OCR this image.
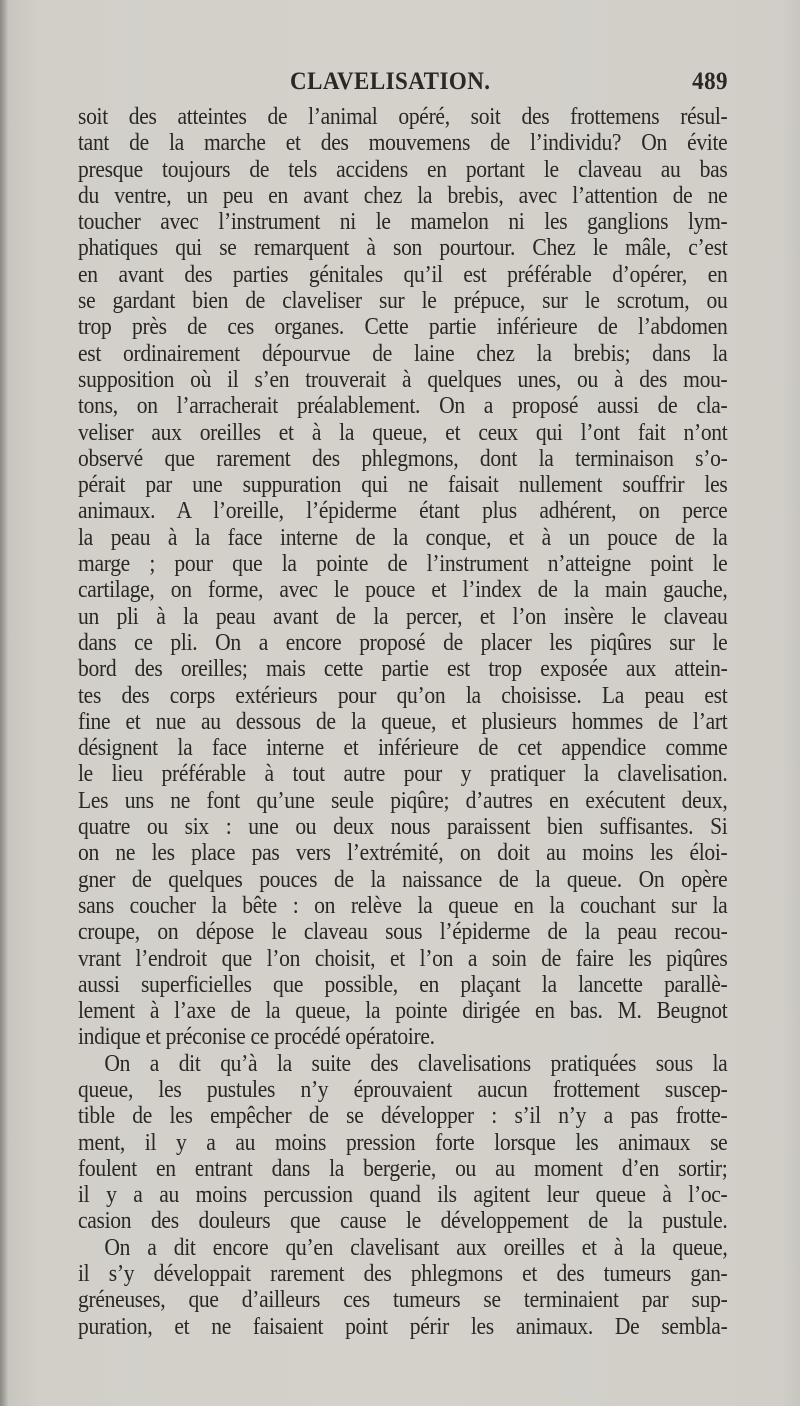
CLAVELISATION.	489
soit des atteintes de l’animal opéré, soit des frottemens résul-
tant de la marche et des mouvemens de l’individu? On évite
presque toujours de tels accidens en portant le claveau au bas
du ventre, un peu en avant chez la brebis, avec l’attention de ne
toucher avec l’instrument ni le mamelon ni les ganglions lym-
phatiques qui se remarquent à son pourtour. Chez le mâle, c’est
en avant des parties génitales qu’il est préférable d’opérer, en
se gardant bien de claveliser sur le prépuce, sur le scrotum, ou
trop près de ces organes. Cette partie inférieure de l’abdomen
est ordinairement dépourvue de laine chez la brebis; dans la
supposition où il s’en trouverait à quelques unes, ou à des mou-
tons, on l’arracherait préalablement. On a proposé aussi de cla-
veliser aux oreilles et à la queue, et ceux qui l’ont fait n’ont
observé que rarement des phlegmons, dont la terminaison s’o-
pérait par une suppuration qui ne faisait nullement souffrir les
animaux. A l’oreille, l’épiderme étant plus adhérent, on perce
la peau à la face interne de la conque, et à un pouce de la
marge ; pour que la pointe de l’instrument n’atteigne point le
cartilage, on forme, avec le pouce et l’index de la main gauche,
un pli à la peau avant de la percer, et l’on insère le claveau
dans ce pli. On a encore proposé de placer les piqûres sur le
bord des oreilles; mais cette partie est trop exposée aux attein-
tes des corps extérieurs pour qu’on la choisisse. La peau est
fine et nue au dessous de la queue, et plusieurs hommes de l’art
désignent la face interne et inférieure de cet appendice comme
le lieu préférable à tout autre pour y pratiquer la clavelisation.
Les uns ne font qu’une seule piqûre; d’autres en exécutent deux,
quatre ou six : une ou deux nous paraissent bien suffisantes. Si
on ne les place pas vers l’extrémité, on doit au moins les éloi-
gner de quelques pouces de la naissance de la queue. On opère
sans coucher la bête : on relève la queue en la couchant sur la
croupe, on dépose le claveau sous l’épiderme de la peau recou-
vrant l’endroit que l’on choisit, et l’on a soin de faire les piqûres
aussi superficielles que possible, en plaçant la lancette parallè-
lement à l’axe de la queue, la pointe dirigée en bas. M. Beugnot
indique et préconise ce procédé opératoire.
On a dit qu’à la suite des clavelisations pratiquées sous la
queue, les pustules n’y éprouvaient aucun frottement suscep-
tible de les empêcher de se développer : s’il n’y a pas frotte-
ment, il y a au moins pression forte lorsque les animaux se
foulent en entrant dans la bergerie, ou au moment d’en sortir;
il y a au moins percussion quand ils agitent leur queue à l’oc-
casion des douleurs que cause le développement de la pustule.
On a dit encore qu’en clavelisant aux oreilles et à la queue,
il s’y développait rarement des phlegmons et des tumeurs gan-
gréneuses, que d’ailleurs ces tumeurs se terminaient par sup-
puration, et ne faisaient point périr les animaux. De sembla-
